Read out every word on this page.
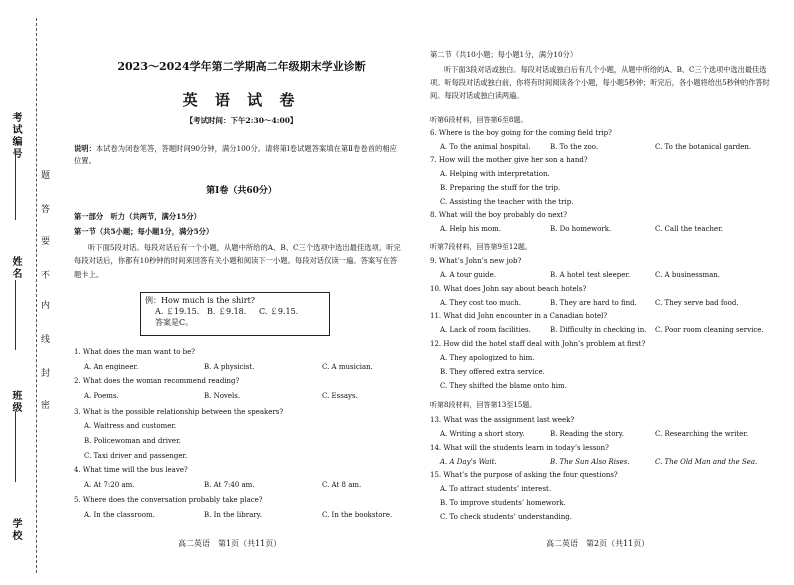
考试编号
姓名
班级
学校
题
答
要
不
内
线
封
密
2023～2024学年第二学期高二年级期末学业诊断
英 语 试 卷
【考试时间：下午2:30～4:00】
说明：本试卷为闭卷笔答，答题时间90分钟，满分100分。请将第Ⅰ卷试题答案填在第Ⅱ卷卷首的相应位置。
第Ⅰ卷（共60分）
第一部分　听力（共两节，满分15分）
第一节（共5小题；每小题1分，满分5分）
听下面5段对话。每段对话后有一个小题，从题中所给的A、B、C三个选项中选出最佳选项。听完每段对话后，你都有10秒钟的时间来回答有关小题和阅读下一小题。每段对话仅读一遍。答案写在答题卡上。
例：How much is the shirt?
A. ￡19.15. B. ￡9.18.	C. ￡9.15.
答案是C。
1. What does the man want to be?
A. An engineer.	B. A physicist.	C. A musician.
2. What does the woman recommend reading?
A. Poems.	B. Novels.	C. Essays.
3. What is the possible relationship between the speakers?
A. Waitress and customer.
B. Policewoman and driver.
C. Taxi driver and passenger.
4. What time will the bus leave?
A. At 7:20 am.	B. At 7:40 am.	C. At 8 am.
5. Where does the conversation probably take place?
A. In the classroom.	B. In the library.	C. In the bookstore.
高二英语　第1页（共11页）
第二节（共10小题；每小题1分，满分10分）
听下面3段对话或独白。每段对话或独白后有几个小题，从题中所给的A、B、C三个选项中选出最佳选项。听每段对话或独白前，你将有时间阅读各个小题，每小题5秒钟；听完后，各小题将给出5秒钟的作答时间。每段对话或独白读两遍。
听第6段材料，回答第6至8题。
6. Where is the boy going for the coming field trip?
A. To the animal hospital.	B. To the zoo.	C. To the botanical garden.
7. How will the mother give her son a hand?
A. Helping with interpretation.
B. Preparing the stuff for the trip.
C. Assisting the teacher with the trip.
8. What will the boy probably do next?
A. Help his mom.	B. Do homework.	C. Call the teacher.
听第7段材料，回答第9至12题。
9. What’s John’s new job?
A. A tour guide.	B. A hotel test sleeper.	C. A businessman.
10. What does John say about beach hotels?
A. They cost too much.	B. They are hard to find.	C. They serve bad food.
11. What did John encounter in a Canadian hotel?
A. Lack of room facilities.	B. Difficulty in checking in. C. Poor room cleaning service.
12. How did the hotel staff deal with John’s problem at first?
A. They apologized to him.
B. They offered extra service.
C. They shifted the blame onto him.
听第8段材料，回答第13至15题。
13. What was the assignment last week?
A. Writing a short story.	B. Reading the story.	C. Researching the writer.
14. What will the students learn in today’s lesson?
A. A Day’s Wait.	B. The Sun Also Rises.	C. The Old Man and the Sea.
15. What’s the purpose of asking the four questions?
A. To attract students’ interest.
B. To improve students’ homework.
C. To check students’ understanding.
高二英语　第2页（共11页）
